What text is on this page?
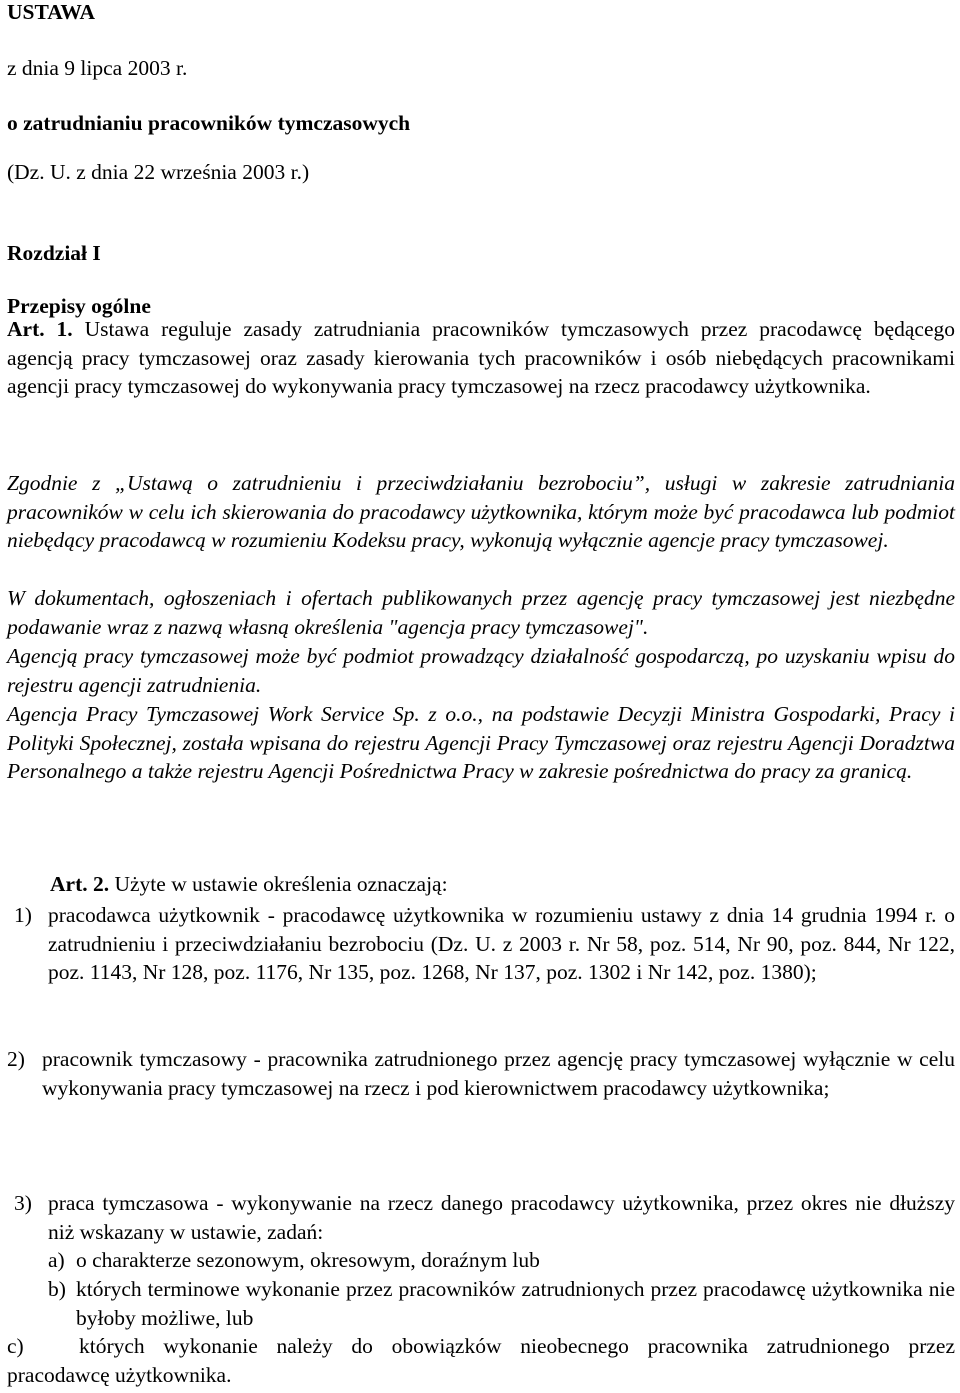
USTAWA
z dnia 9 lipca 2003 r.
o zatrudnianiu pracowników tymczasowych
(Dz. U. z dnia 22 września 2003 r.)
Rozdział I
Przepisy ogólne
Art. 1. Ustawa reguluje zasady zatrudniania pracowników tymczasowych przez pracodawcę będącego agencją pracy tymczasowej oraz zasady kierowania tych pracowników i osób niebędących pracownikami agencji pracy tymczasowej do wykonywania pracy tymczasowej na rzecz pracodawcy użytkownika.
Zgodnie z „Ustawą o zatrudnieniu i przeciwdziałaniu bezrobociu”, usługi w zakresie zatrudniania pracowników w celu ich skierowania do pracodawcy użytkownika, którym może być pracodawca lub podmiot niebędący pracodawcą w rozumieniu Kodeksu pracy, wykonują wyłącznie agencje pracy tymczasowej.
W dokumentach, ogłoszeniach i ofertach publikowanych przez agencję pracy tymczasowej jest niezbędne podawanie wraz z nazwą własną określenia "agencja pracy tymczasowej".
Agencją pracy tymczasowej może być podmiot prowadzący działalność gospodarczą, po uzyskaniu wpisu do rejestru agencji zatrudnienia.
Agencja Pracy Tymczasowej Work Service Sp. z o.o., na podstawie Decyzji Ministra Gospodarki, Pracy i Polityki Społecznej, została wpisana do rejestru Agencji Pracy Tymczasowej oraz rejestru Agencji Doradztwa Personalnego a także rejestru Agencji Pośrednictwa Pracy w zakresie pośrednictwa do pracy za granicą.
Art. 2. Użyte w ustawie określenia oznaczają:
1) pracodawca użytkownik - pracodawcę użytkownika w rozumieniu ustawy z dnia 14 grudnia 1994 r. o zatrudnieniu i przeciwdziałaniu bezrobociu (Dz. U. z 2003 r. Nr 58, poz. 514, Nr 90, poz. 844, Nr 122, poz. 1143, Nr 128, poz. 1176, Nr 135, poz. 1268, Nr 137, poz. 1302 i Nr 142, poz. 1380);
2) pracownik tymczasowy - pracownika zatrudnionego przez agencję pracy tymczasowej wyłącznie w celu wykonywania pracy tymczasowej na rzecz i pod kierownictwem pracodawcy użytkownika;
3) praca tymczasowa - wykonywanie na rzecz danego pracodawcy użytkownika, przez okres nie dłuższy niż wskazany w ustawie, zadań:
a) o charakterze sezonowym, okresowym, doraźnym lub
b) których terminowe wykonanie przez pracowników zatrudnionych przez pracodawcę użytkownika nie byłoby możliwe, lub
c)	których wykonanie należy do obowiązków nieobecnego pracownika zatrudnionego przez pracodawcę użytkownika.
